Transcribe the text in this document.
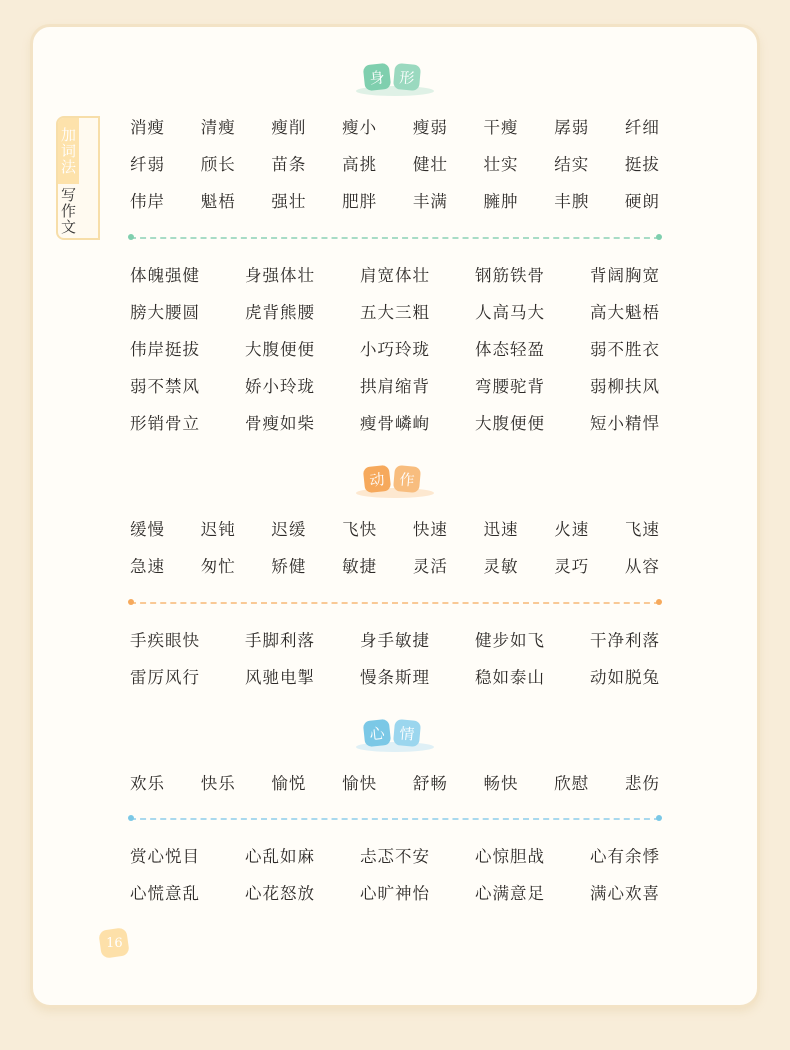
加词法
写作文
身 形
消瘦 清瘦 瘦削 瘦小 瘦弱 干瘦 孱弱 纤细
纤弱 颀长 苗条 高挑 健壮 壮实 结实 挺拔
伟岸 魁梧 强壮 肥胖 丰满 臃肿 丰腴 硬朗
体魄强健	身强体壮	肩宽体壮	钢筋铁骨	背阔胸宽
膀大腰圆	虎背熊腰	五大三粗	人高马大	高大魁梧
伟岸挺拔	大腹便便	小巧玲珑	体态轻盈	弱不胜衣
弱不禁风	娇小玲珑	拱肩缩背	弯腰驼背	弱柳扶风
形销骨立	骨瘦如柴	瘦骨嶙峋	大腹便便	短小精悍
动 作
缓慢 迟钝 迟缓 飞快 快速 迅速 火速 飞速
急速 匆忙 矫健 敏捷 灵活 灵敏 灵巧 从容
手疾眼快	手脚利落	身手敏捷	健步如飞	干净利落
雷厉风行	风驰电掣	慢条斯理	稳如泰山	动如脱兔
心 情
欢乐 快乐 愉悦 愉快 舒畅 畅快 欣慰 悲伤
赏心悦目	心乱如麻	忐忑不安	心惊胆战	心有余悸
心慌意乱	心花怒放	心旷神怡	心满意足	满心欢喜
16
